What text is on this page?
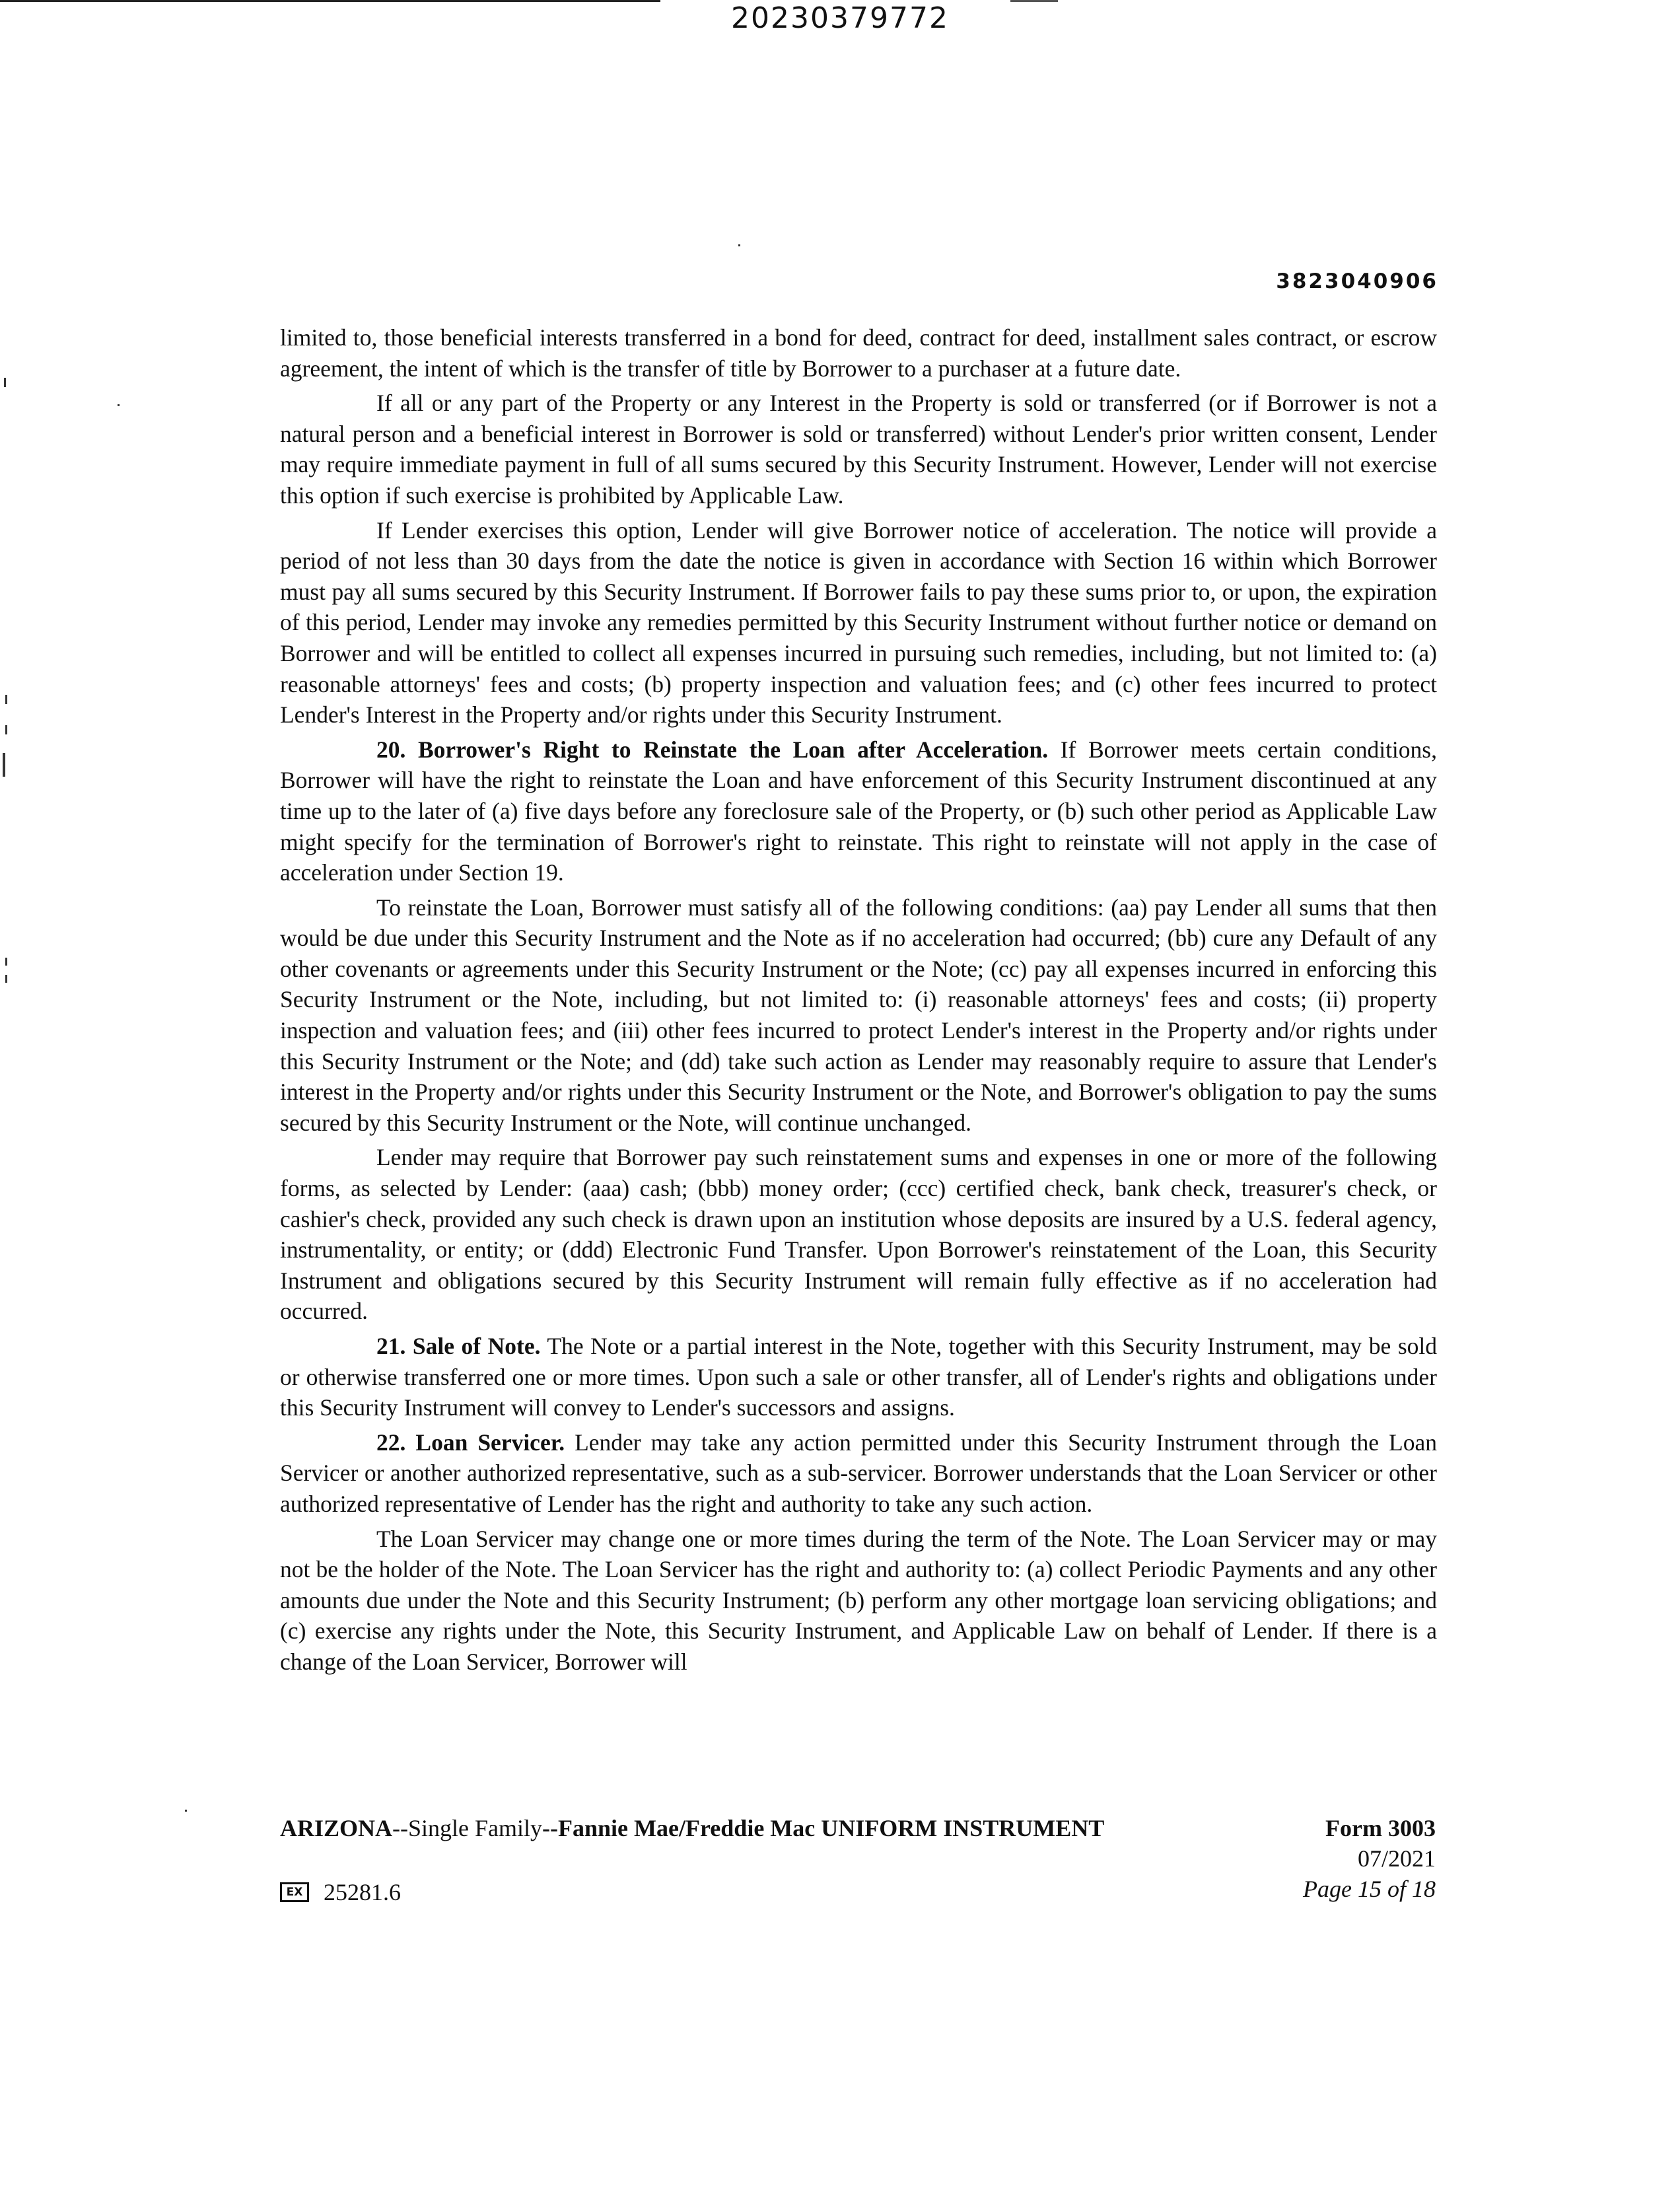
20230379772
3823040906

limited to, those beneficial interests transferred in a bond for deed, contract for deed, installment sales contract, or escrow agreement, the intent of which is the transfer of title by Borrower to a purchaser at a future date.

If all or any part of the Property or any Interest in the Property is sold or transferred (or if Borrower is not a natural person and a beneficial interest in Borrower is sold or transferred) without Lender's prior written consent, Lender may require immediate payment in full of all sums secured by this Security Instrument. However, Lender will not exercise this option if such exercise is prohibited by Applicable Law.

If Lender exercises this option, Lender will give Borrower notice of acceleration. The notice will provide a period of not less than 30 days from the date the notice is given in accordance with Section 16 within which Borrower must pay all sums secured by this Security Instrument. If Borrower fails to pay these sums prior to, or upon, the expiration of this period, Lender may invoke any remedies permitted by this Security Instrument without further notice or demand on Borrower and will be entitled to collect all expenses incurred in pursuing such remedies, including, but not limited to: (a) reasonable attorneys' fees and costs; (b) property inspection and valuation fees; and (c) other fees incurred to protect Lender's Interest in the Property and/or rights under this Security Instrument.

20. Borrower's Right to Reinstate the Loan after Acceleration. If Borrower meets certain conditions, Borrower will have the right to reinstate the Loan and have enforcement of this Security Instrument discontinued at any time up to the later of (a) five days before any foreclosure sale of the Property, or (b) such other period as Applicable Law might specify for the termination of Borrower's right to reinstate. This right to reinstate will not apply in the case of acceleration under Section 19.

To reinstate the Loan, Borrower must satisfy all of the following conditions: (aa) pay Lender all sums that then would be due under this Security Instrument and the Note as if no acceleration had occurred; (bb) cure any Default of any other covenants or agreements under this Security Instrument or the Note; (cc) pay all expenses incurred in enforcing this Security Instrument or the Note, including, but not limited to: (i) reasonable attorneys' fees and costs; (ii) property inspection and valuation fees; and (iii) other fees incurred to protect Lender's interest in the Property and/or rights under this Security Instrument or the Note; and (dd) take such action as Lender may reasonably require to assure that Lender's interest in the Property and/or rights under this Security Instrument or the Note, and Borrower's obligation to pay the sums secured by this Security Instrument or the Note, will continue unchanged.

Lender may require that Borrower pay such reinstatement sums and expenses in one or more of the following forms, as selected by Lender: (aaa) cash; (bbb) money order; (ccc) certified check, bank check, treasurer's check, or cashier's check, provided any such check is drawn upon an institution whose deposits are insured by a U.S. federal agency, instrumentality, or entity; or (ddd) Electronic Fund Transfer. Upon Borrower's reinstatement of the Loan, this Security Instrument and obligations secured by this Security Instrument will remain fully effective as if no acceleration had occurred.

21. Sale of Note. The Note or a partial interest in the Note, together with this Security Instrument, may be sold or otherwise transferred one or more times. Upon such a sale or other transfer, all of Lender's rights and obligations under this Security Instrument will convey to Lender's successors and assigns.

22. Loan Servicer. Lender may take any action permitted under this Security Instrument through the Loan Servicer or another authorized representative, such as a sub-servicer. Borrower understands that the Loan Servicer or other authorized representative of Lender has the right and authority to take any such action.

The Loan Servicer may change one or more times during the term of the Note. The Loan Servicer may or may not be the holder of the Note. The Loan Servicer has the right and authority to: (a) collect Periodic Payments and any other amounts due under the Note and this Security Instrument; (b) perform any other mortgage loan servicing obligations; and (c) exercise any rights under the Note, this Security Instrument, and Applicable Law on behalf of Lender. If there is a change of the Loan Servicer, Borrower will

ARIZONA--Single Family--Fannie Mae/Freddie Mac UNIFORM INSTRUMENT	Form 3003
07/2021
Page 15 of 18
EX 25281.6
